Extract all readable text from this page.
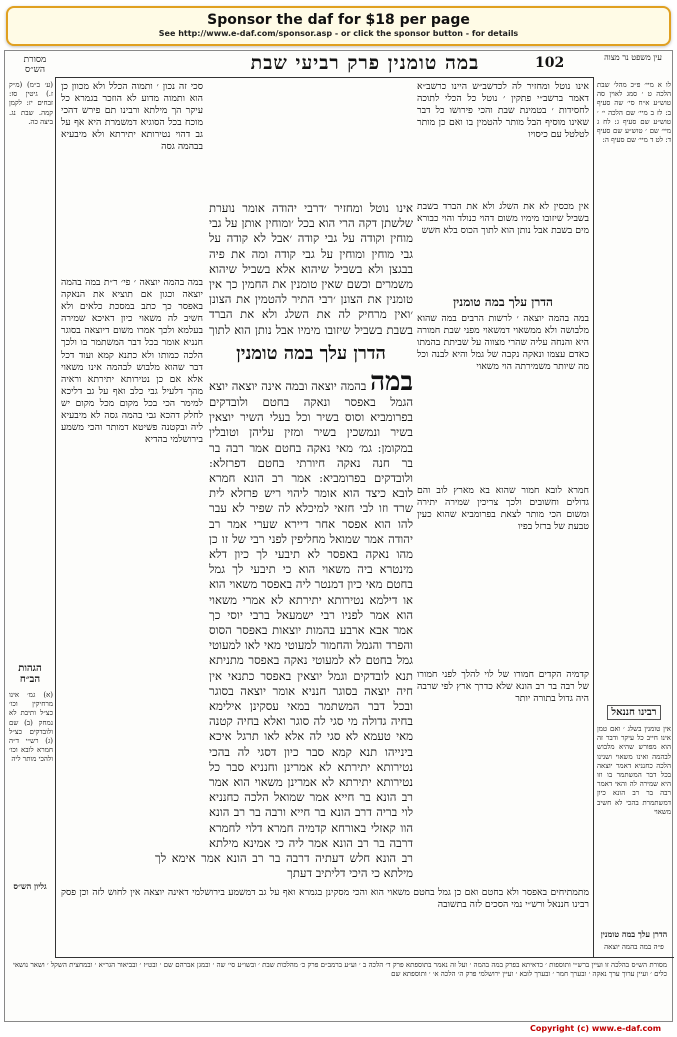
Sponsor the daf for $18 per page
See http://www.e-daf.com/sponsor.asp - or click the sponsor button - for details
מסורת הש״ס	במה טומנין פרק רביעי שבת	102	עין משפט נר מצוה

סכי זה נכון ׳ ותמוה הכלל ולא מכוון כן הוא ותמוה מדוע לא הוזכר בגמרא כל עיקר הך מילתא ורבינו תם פירש דהכי מוכח בכל הסוגיא דמשמרת היא אף על גב דהוי נטירותא יתירתא ולא מיבעיא בבהמה גסה

אינו נוטל ומחזיר לה לכדשב״ש היינו כרשב״א דאמר ברשב״י פתקין ׳ נוטל כל הכלי לתוכה לחסידות ׳ בטמינת שבת והכי פירושו כל דבר שאינו מוסיף הבל מותר להטמין בו ואם כן מותר לטלטל עם כיסויו

אין מכסין לא את השלג ולא את הברד בשבת בשביל שיזובו מימיו משום דהוי כנולד והוי כבורא מים בשבת אבל נותן הוא לתוך הכוס בלא חשש

הדרן עלך במה טומנין

במה בהמה יוצאה ׳ לרשות הרבים במה שהוא מלבושה ולא ממשאוי דמשאוי מפני שבת חמורה היא והנחה עליה שהרי מצווה על שביתת בהמתו כאדם עצמו ונאקה נקבה של גמל והיא לבנה וכל מה שיותר משמירתה הוי משאוי

חמרא לובא חמור שהוא בא מארץ לוב והם גדולים וחשובים ולכך צריכין שמירה יתירה ומשום הכי מותר לצאת בפרומביא שהוא כעין טבעת של ברזל בפיו

קדמיה הקדים חמורו של לוי להלך לפני חמורו של רבה בר רב הונא שלא כדרך ארץ לפי שרבה היה גדול בתורה יותר

אינו נוטל ומחזיר ׳דרבי יהודה אומר נוערת שלשתן דקה הרי הוא בכל ׳ומוחין אותן על גבי מוחין וקודה על גבי קודה ׳אבל לא קודה על גבי מוחין ומוחין על גבי קודה ומה את פיה בבגצן ולא בשביל שיהוא אלא בשביל שיהוא משמרים וכשם שאין טומנין את החמין כך אין טומנין את הצונן ׳רבי התיר להטמין את הצונן ׳ואין מרחיק לה את השלג ולא את הברד בשבת בשביל שיזובו מימיו אבל נותן הוא לתוך

הדרן עלך במה טומנין

במה בהמה יוצאה ובמה אינה יוצאה יוצא הגמל באפסר ונאקה בחטם ולובדקים בפרומביא וסוס בשיר וכל בעלי השיר יוצאין בשיר ונמשכין בשיר ומזין עליהן וטובלין במקומן: גמ׳ מאי נאקה בחטם אמר רבה בר בר חנה נאקה חיורתי בחטם דפרזלא: ולובדקים בפרומביא: אמר רב הונא חמרא לובא כיצד הוא אומר ליהוי ריש פרזלא לית שרד וזו לבי חזאי למיכלא לה שפיר לא עבר להו הוא אפסר אחר דיירא שערי אמר רב יהודה אמר שמואל מחליפין לפני רבי של זו כן מהו נאקה באפסר לא תיבעי לך כיון דלא מינטרא ביה משאוי הוא כי תיבעי לך גמל בחטם מאי כיון דמנטר ליה באפסר משאוי הוא או דילמא נטירותא יתירתא לא אמרי משאוי הוא אמר לפניו רבי ישמעאל ברבי יוסי כך אמר אבא ארבע בהמות יוצאות באפסר הסוס והפרד והגמל והחמור למעוטי מאי לאו למעוטי גמל בחטם לא למעוטי נאקה באפסר מתניתא תנא לובדקים וגמל יוצאין באפסר כתנאי אין חיה יוצאה בסוגר חנניא אומר יוצאה בסוגר ובכל דבר המשתמר במאי עסקינן אילימא בחיה גדולה מי סגי לה סוגר ואלא בחיה קטנה מאי טעמא לא סגי לה אלא לאו תרגל איכא בינייהו תנא קמא סבר כיון דסגי לה בהכי נטירותא יתירתא לא אמרינן וחנניא סבר כל נטירותא יתירתא לא אמרינן משאוי הוא אמר רב הונא בר חייא אמר שמואל הלכה כחנניא לוי בריה דרב הונא בר חייא ורבה בר רב הונא הוו קאזלי באורחא קדמיה חמרא דלוי לחמרא דרבה בר רב הונא אמר ליה כי אמינא מילתא

רב הונא חלש דעתיה דרבה בר רב הונא אמר אימא לך מילתא כי היכי דליתיב דעתך

במה בהמה יוצאה ׳ פי׳ ר״ת במה בהמה יוצאה וכגון אם תוציא את הנאקה באפסר כך כתב במסכת כלאים ולא חשיב לה משאוי כיון דאיכא שמירה בעלמא ולכך אמרו משום דיוצאה בסוגר חנניא אומר בכל דבר המשתמר בו ולכך הלכה כמותו ולא כתנא קמא ועוד דכל דבר שהוא מלבוש לבהמה אינו משאוי אלא אם כן נטירותא יתירתא וראיה מהך דלעיל גבי כלב ואף על גב דליכא למימר הכי בכל מקום מכל מקום יש לחלק דהכא גבי בהמה גסה לא מיבעיא ליה ובקטנה פשיטא דמותר והכי משמע בירושלמי בהדיא

מתמתיחים באפסר ולא בחטם ואם כן גמל בחטם משאוי הוא והכי מסקינן בגמרא ואף על גב דמשמע בירושלמי דאינה יוצאה אין לחוש לזה וכן פסק רבינו חננאל ורש״י נמי הסכים לזה בתשובה

(ע׳ ב״מ) (מ״ק ז.) גיטין סז: זבחים יז: לקמן קמה. שבת נג. ביצה כה.

הגהות הב״ח

(א) גמ׳ אינו מרחיקין וכו׳ כצ״ל ותיבת לא נמחק (ב) שם ולובדקים כצ״ל (ג) רש״י ד״ה חמרא לובא וכו׳ ולהכי מותר ליה

גליון הש״ס

לו א מיי׳ פ״כ מהל׳ שבת הלכה ט ׳ סמג לאוין סה טוש״ע א״ח סי׳ שה סעיף ב: לז ב מיי׳ שם הלכה י׳ ׳ טוש״ע שם סעיף ג: לח ג מיי׳ שם ׳ טוש״ע שם סעיף ד: לט ד מיי׳ שם סעיף ה:

רבינו חננאל

אין טומנין בשלג ׳ ואם טמן אינו חייב כל עיקר ודבר זה הוא מפורש שהיא מלבוש לבהמה ואינו משאוי ושנינו הלכה כחנניא דאמר יוצאה בכל דבר המשתמר בו וזו היא שמירה לה והאי דאמר רבה בר רב הונא כיון דמשתמרת בהכי לא חשיב משאוי

הדרן עלך במה טומנין
פ״ה במה בהמה יוצאה

מסורת הש״ס בהלכה זו ועיין ברש״י ותוספות ׳ כדאיתא בפרק במה בהמה ׳ ועל זה נאמר בתוספתא פרק ד׳ הלכה ב ׳ וע״ע ברמב״ם פרק כ׳ מהלכות שבת ׳ ובשו״ע סי׳ שה ׳ ובמגן אברהם שם ׳ ובט״ז ׳ ובביאור הגר״א ׳ ובמחצית השקל ׳ ושאר נושאי כלים ׳ ועיין ערוך ערך נאקה ׳ ובערך חמר ׳ ובערך לובא ׳ ועיין ירושלמי פרק ה׳ הלכה א׳ ׳ ותוספתא שם

Copyright (c) www.e-daf.com
